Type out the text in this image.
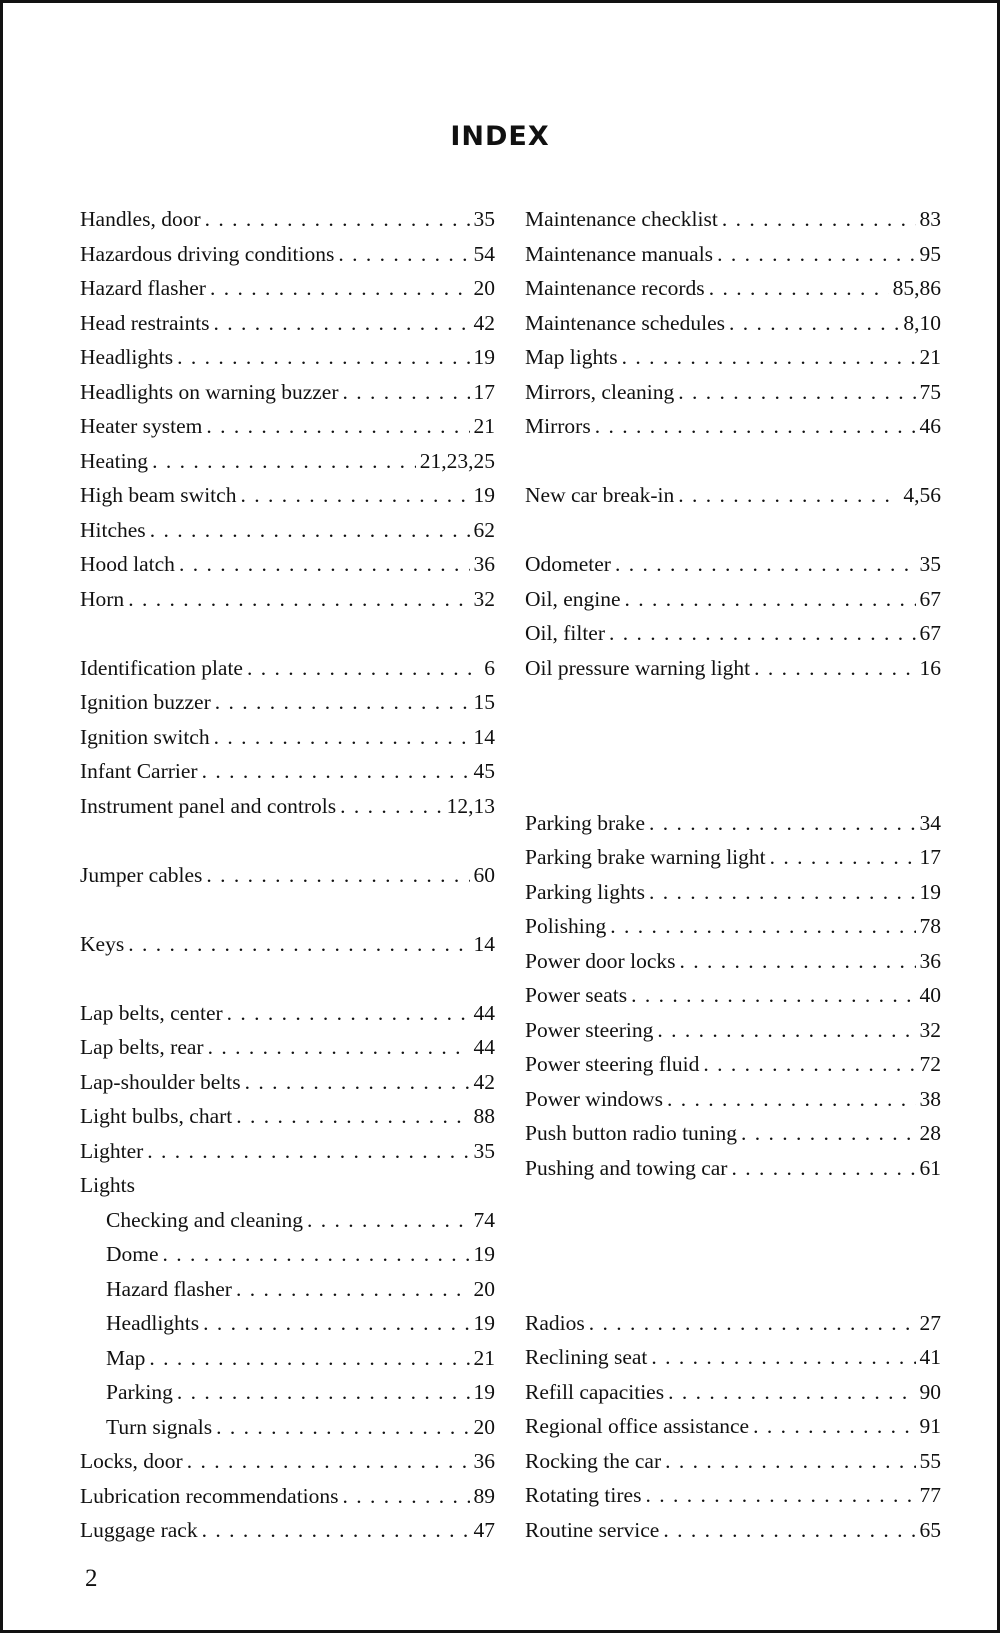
INDEX
Handles, door . . .	35
Hazardous driving conditions . . .	54
Hazard flasher . . .	20
Head restraints . . .	42
Headlights . . .	19
Headlights on warning buzzer . . .	17
Heater system . . .	21
Heating . . .	21,23,25
High beam switch . . .	19
Hitches . . .	62
Hood latch . . .	36
Horn . . .	32
Identification plate . . .	6
Ignition buzzer . . .	15
Ignition switch . . .	14
Infant Carrier . . .	45
Instrument panel and controls . . .	12,13
Jumper cables . . .	60
Keys . . .	14
Lap belts, center . . .	44
Lap belts, rear . . .	44
Lap-shoulder belts . . .	42
Light bulbs, chart . . .	88
Lighter . . .	35
Lights
Checking and cleaning . . .	74
Dome . . .	19
Hazard flasher . . .	20
Headlights . . .	19
Map . . .	21
Parking . . .	19
Turn signals . . .	20
Locks, door . . .	36
Lubrication recommendations . . .	89
Luggage rack . . .	47
Maintenance checklist . . .	83
Maintenance manuals . . .	95
Maintenance records . . .	85,86
Maintenance schedules . . .	8,10
Map lights . . .	21
Mirrors, cleaning . . .	75
Mirrors . . .	46
New car break-in . . .	4,56
Odometer . . .	35
Oil, engine . . .	67
Oil, filter . . .	67
Oil pressure warning light . . .	16
Parking brake . . .	34
Parking brake warning light . . .	17
Parking lights . . .	19
Polishing . . .	78
Power door locks . . .	36
Power seats . . .	40
Power steering . . .	32
Power steering fluid . . .	72
Power windows . . .	38
Push button radio tuning . . .	28
Pushing and towing car . . .	61
Radios . . .	27
Reclining seat . . .	41
Refill capacities . . .	90
Regional office assistance . . .	91
Rocking the car . . .	55
Rotating tires . . .	77
Routine service . . .	65
2
